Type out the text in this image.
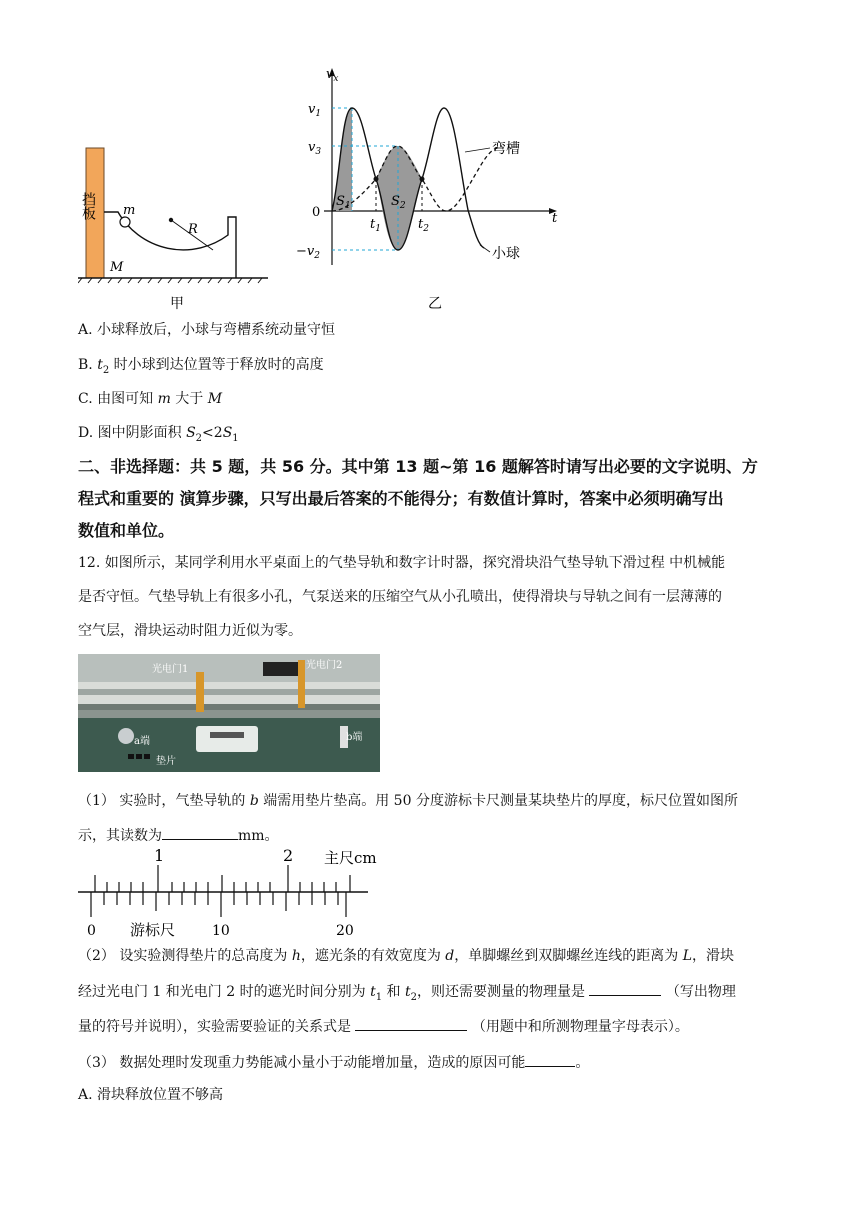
挡板 m
R
M
甲
$v_x$
t
0
$v_1$
$v_3$
$-v_2$
$S_1$	$S_2$
$t_1$	$t_2$
弯槽
小球
乙
A. 小球释放后，小球与弯槽系统动量守恒
B. $t_2$ 时小球到达位置等于释放时的高度
C. 由图可知 m 大于 M
D. 图中阴影面积 $S_2<2S_1$
二、非选择题：共 5 题，共 56 分。其中第 13 题~第 16 题解答时请写出必要的文字说明、方
程式和重要的 演算步骤，只写出最后答案的不能得分；有数值计算时，答案中必须明确写出
数值和单位。
12. 如图所示，某同学利用水平桌面上的气垫导轨和数字计时器，探究滑块沿气垫导轨下滑过程 中机械能
是否守恒。气垫导轨上有很多小孔，气泵送来的压缩空气从小孔喷出，使得滑块与导轨之间有一层薄薄的
空气层，滑块运动时阻力近似为零。
光电门1	光电门2
a端	b端
垫片
（1） 实验时，气垫导轨的 b 端需用垫片垫高。用 50 分度游标卡尺测量某块垫片的厚度，标尺位置如图所
示，其读数为	mm。
1	2 主尺cm
0	10	20
游标尺
（2） 设实验测得垫片的总高度为 h，遮光条的有效宽度为 d，单脚螺丝到双脚螺丝连线的距离为 L，滑块
经过光电门 1 和光电门 2 时的遮光时间分别为 $t_1$ 和 $t_2$，则还需要测量的物理量是	（写出物理
量的符号并说明），实验需要验证的关系式是	（用题中和所测物理量字母表示）。
（3） 数据处理时发现重力势能减小量小于动能增加量，造成的原因可能	。
A. 滑块释放位置不够高
